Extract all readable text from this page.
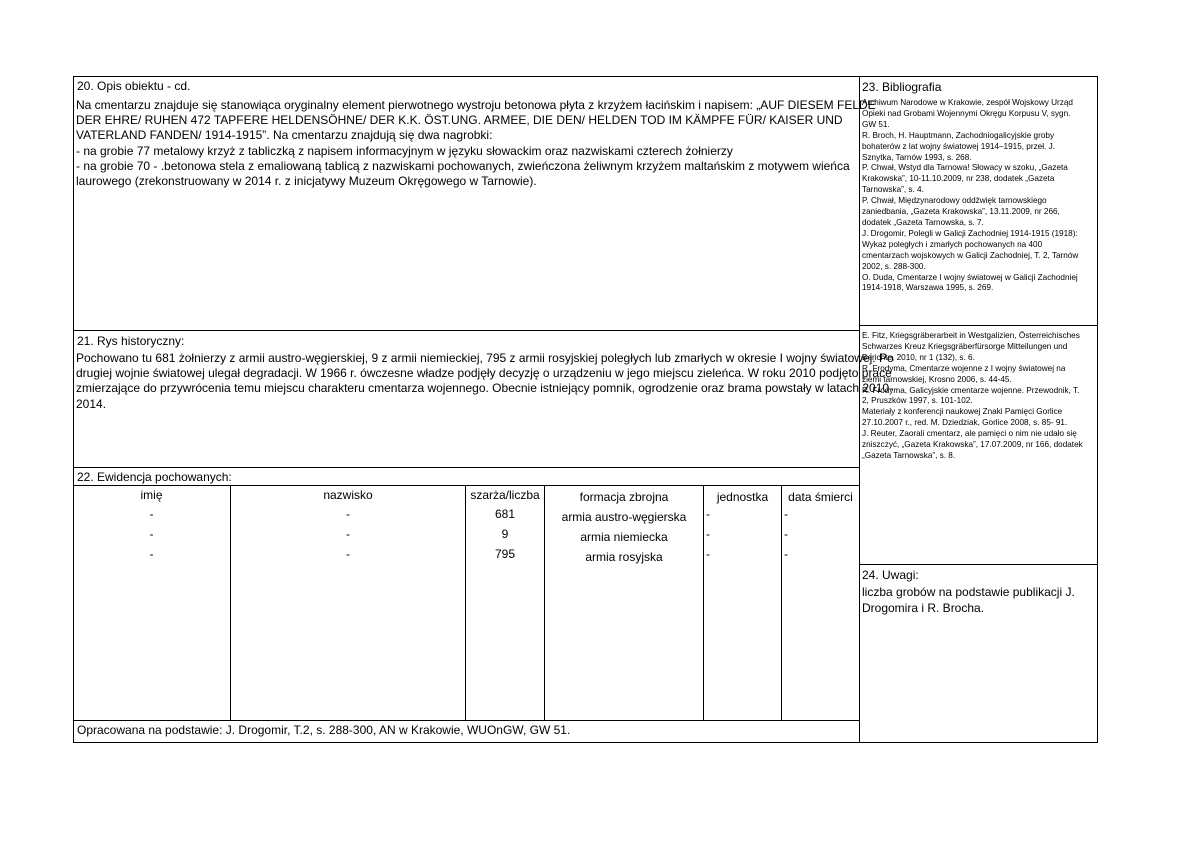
20. Opis obiektu - cd.
Na cmentarzu znajduje się stanowiąca oryginalny element pierwotnego wystroju betonowa płyta z krzyżem łacińskim i napisem: „AUF DIESEM FELDE
DER EHRE/ RUHEN 472 TAPFERE HELDENSÖHNE/ DER K.K. ÖST.UNG. ARMEE, DIE DEN/ HELDEN TOD IM KÄMPFE FÜR/ KAISER UND
VATERLAND FANDEN/ 1914-1915”. Na cmentarzu znajdują się dwa nagrobki:
- na grobie 77 metalowy krzyż z tabliczką z napisem informacyjnym w języku słowackim oraz nazwiskami czterech żołnierzy
- na grobie 70 - .betonowa stela z emaliowaną tablicą z nazwiskami pochowanych, zwieńczona żeliwnym krzyżem maltańskim z motywem wieńca
laurowego (zrekonstruowany w 2014 r. z inicjatywy Muzeum Okręgowego w Tarnowie).
21. Rys historyczny:
Pochowano tu 681 żołnierzy z armii austro-węgierskiej, 9 z armii niemieckiej, 795 z armii rosyjskiej poległych lub zmarłych w okresie I wojny światowej. Po
drugiej wojnie światowej ulegał degradacji. W 1966 r. ówczesne władze podjęły decyzję o urządzeniu w jego miejscu zieleńca. W roku 2010 podjęto prace
zmierzające do przywrócenia temu miejscu charakteru cmentarza wojennego. Obecnie istniejący pomnik, ogrodzenie oraz brama powstały w latach 2010-
2014.
22. Ewidencja pochowanych:
imię	nazwisko	szarża/liczba	formacja zbrojna	jednostka	data śmierci
-	-	681	armia austro-węgierska	-	-
-	-	9	armia niemiecka	-	-
-	-	795	armia rosyjska	-	-
Opracowana na podstawie: J. Drogomir, T.2, s. 288-300, AN w Krakowie, WUOnGW, GW 51.
23. Bibliografia
Archiwum Narodowe w Krakowie, zespół Wojskowy Urząd
Opieki nad Grobami Wojennymi Okręgu Korpusu V, sygn.
GW 51.
R. Broch, H. Hauptmann, Zachodniogalicyjskie groby
bohaterów z lat wojny światowej 1914–1915, przeł. J.
Sznytka, Tarnów 1993, s. 268.
P. Chwał, Wstyd dla Tarnowa! Słowacy w szoku, „Gazeta
Krakowska”, 10-11.10.2009, nr 238, dodatek „Gazeta
Tarnowska”, s. 4.
P. Chwał, Międzynarodowy oddźwięk tarnowskiego
zaniedbania, „Gazeta Krakowska”, 13.11.2009, nr 266,
dodatek „Gazeta Tarnowska, s. 7.
J. Drogomir, Polegli w Galicji Zachodniej 1914-1915 (1918):
Wykaz poległych i zmarłych pochowanych na 400
cmentarzach wojskowych w Galicji Zachodniej, T. 2, Tarnów
2002, s. 288-300.
O. Duda, Cmentarze I wojny światowej w Galicji Zachodniej
1914-1918, Warszawa 1995, s. 269.
E. Fitz, Kriegsgräberarbeit in Westgalizien, Österreichisches
Schwarzes Kreuz Kriegsgräberfürsorge Mitteilungen und
Berichte, 2010, nr 1 (132), s. 6.
R. Frodyma, Cmentarze wojenne z I wojny światowej na
ziemi tarnowskiej, Krosno 2006, s. 44-45.
R. Frodyma, Galicyjskie cmentarze wojenne. Przewodnik, T.
2, Pruszków 1997, s. 101-102.
Materiały z konferencji naukowej Znaki Pamięci Gorlice
27.10.2007 r., red. M. Dziedziak, Gorlice 2008, s. 85- 91.
J. Reuter, Zaorali cmentarz, ale pamięci o nim nie udało się
zniszczyć, „Gazeta Krakowska”, 17.07.2009, nr 166, dodatek
„Gazeta Tarnowska”, s. 8.
24. Uwagi:
liczba grobów na podstawie publikacji J.
Drogomira i R. Brocha.
